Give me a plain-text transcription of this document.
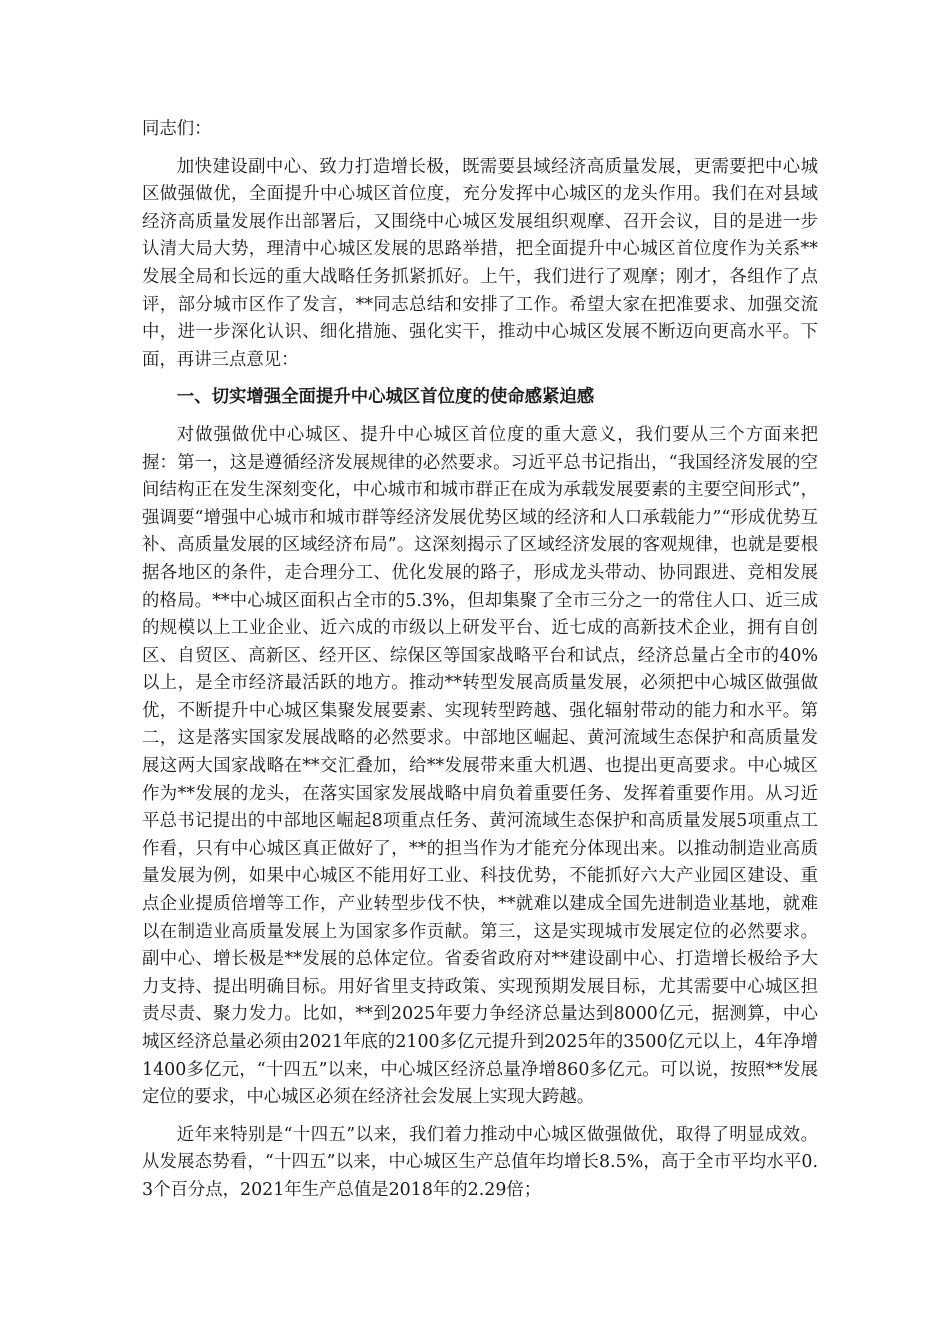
同志们：

加快建设副中心、致力打造增长极，既需要县域经济高质量发展，更需要把中心城区做强做优，全面提升中心城区首位度，充分发挥中心城区的龙头作用。我们在对县域经济高质量发展作出部署后，又围绕中心城区发展组织观摩、召开会议，目的是进一步认清大局大势，理清中心城区发展的思路举措，把全面提升中心城区首位度作为关系**发展全局和长远的重大战略任务抓紧抓好。上午，我们进行了观摩；刚才，各组作了点评，部分城市区作了发言，**同志总结和安排了工作。希望大家在把准要求、加强交流中，进一步深化认识、细化措施、强化实干，推动中心城区发展不断迈向更高水平。下面，再讲三点意见：

一、切实增强全面提升中心城区首位度的使命感紧迫感

对做强做优中心城区、提升中心城区首位度的重大意义，我们要从三个方面来把握：第一，这是遵循经济发展规律的必然要求。习近平总书记指出，“我国经济发展的空间结构正在发生深刻变化，中心城市和城市群正在成为承载发展要素的主要空间形式”，强调要“增强中心城市和城市群等经济发展优势区域的经济和人口承载能力”“形成优势互补、高质量发展的区域经济布局”。这深刻揭示了区域经济发展的客观规律，也就是要根据各地区的条件，走合理分工、优化发展的路子，形成龙头带动、协同跟进、竞相发展的格局。**中心城区面积占全市的5.3%，但却集聚了全市三分之一的常住人口、近三成的规模以上工业企业、近六成的市级以上研发平台、近七成的高新技术企业，拥有自创区、自贸区、高新区、经开区、综保区等国家战略平台和试点，经济总量占全市的40%以上，是全市经济最活跃的地方。推动**转型发展高质量发展，必须把中心城区做强做优，不断提升中心城区集聚发展要素、实现转型跨越、强化辐射带动的能力和水平。第二，这是落实国家发展战略的必然要求。中部地区崛起、黄河流域生态保护和高质量发展这两大国家战略在**交汇叠加，给**发展带来重大机遇、也提出更高要求。中心城区作为**发展的龙头，在落实国家发展战略中肩负着重要任务、发挥着重要作用。从习近平总书记提出的中部地区崛起8项重点任务、黄河流域生态保护和高质量发展5项重点工作看，只有中心城区真正做好了，**的担当作为才能充分体现出来。以推动制造业高质量发展为例，如果中心城区不能用好工业、科技优势，不能抓好六大产业园区建设、重点企业提质倍增等工作，产业转型步伐不快，**就难以建成全国先进制造业基地，就难以在制造业高质量发展上为国家多作贡献。第三，这是实现城市发展定位的必然要求。副中心、增长极是**发展的总体定位。省委省政府对**建设副中心、打造增长极给予大力支持、提出明确目标。用好省里支持政策、实现预期发展目标，尤其需要中心城区担责尽责、聚力发力。比如，**到2025年要力争经济总量达到8000亿元，据测算，中心城区经济总量必须由2021年底的2100多亿元提升到2025年的3500亿元以上，4年净增1400多亿元，“十四五”以来，中心城区经济总量净增860多亿元。可以说，按照**发展定位的要求，中心城区必须在经济社会发展上实现大跨越。

近年来特别是“十四五”以来，我们着力推动中心城区做强做优，取得了明显成效。从发展态势看，“十四五”以来，中心城区生产总值年均增长8.5%，高于全市平均水平0.3个百分点，2021年生产总值是2018年的2.29倍；
